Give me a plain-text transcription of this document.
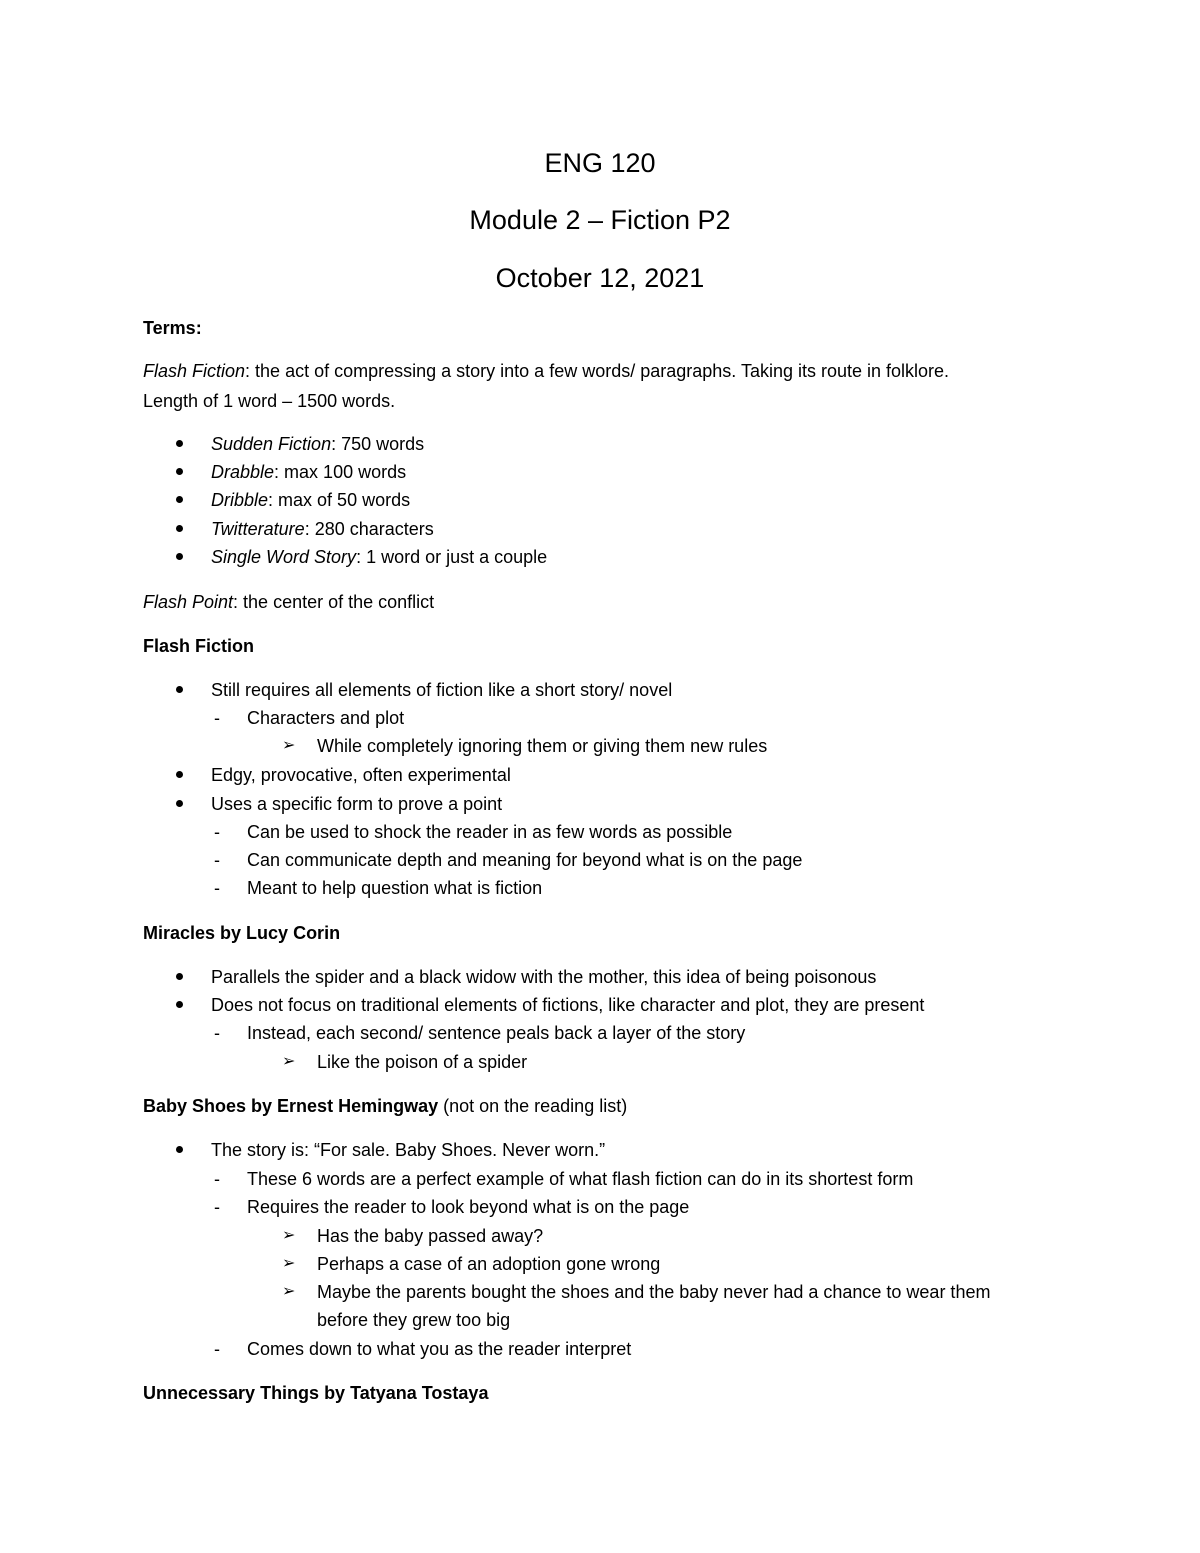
ENG 120
Module 2 – Fiction P2
October 12, 2021
Terms:
Flash Fiction: the act of compressing a story into a few words/ paragraphs. Taking its route in folklore.
Length of 1 word – 1500 words.
Sudden Fiction: 750 words
Drabble: max 100 words
Dribble: max of 50 words
Twitterature: 280 characters
Single Word Story: 1 word or just a couple
Flash Point: the center of the conflict
Flash Fiction
Still requires all elements of fiction like a short story/ novel
- Characters and plot
➢ While completely ignoring them or giving them new rules
Edgy, provocative, often experimental
Uses a specific form to prove a point
- Can be used to shock the reader in as few words as possible
- Can communicate depth and meaning for beyond what is on the page
- Meant to help question what is fiction
Miracles by Lucy Corin
Parallels the spider and a black widow with the mother, this idea of being poisonous
Does not focus on traditional elements of fictions, like character and plot, they are present
- Instead, each second/ sentence peals back a layer of the story
➢ Like the poison of a spider
Baby Shoes by Ernest Hemingway (not on the reading list)
The story is: “For sale. Baby Shoes. Never worn.”
- These 6 words are a perfect example of what flash fiction can do in its shortest form
- Requires the reader to look beyond what is on the page
➢ Has the baby passed away?
➢ Perhaps a case of an adoption gone wrong
➢ Maybe the parents bought the shoes and the baby never had a chance to wear them
before they grew too big
- Comes down to what you as the reader interpret
Unnecessary Things by Tatyana Tostaya
